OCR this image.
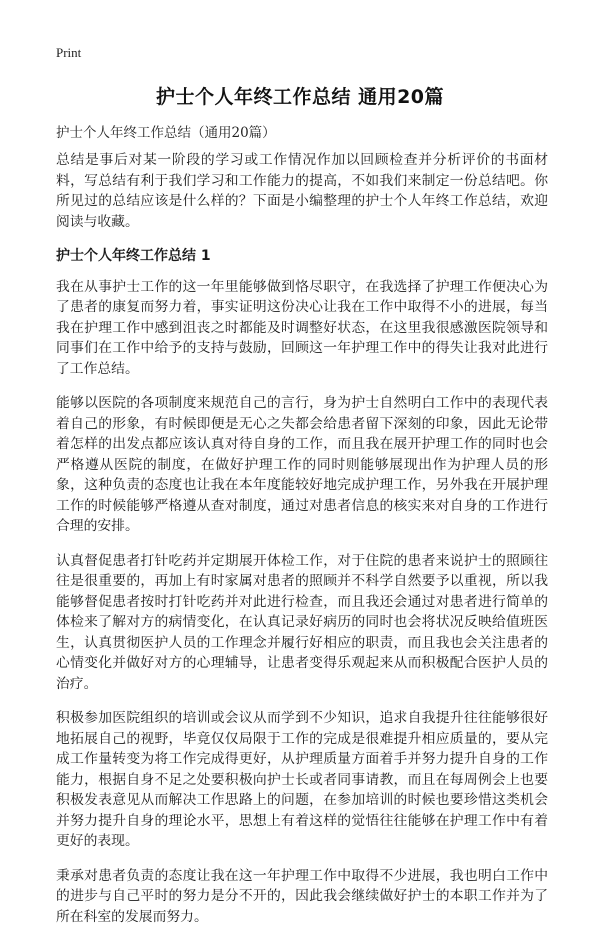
Print
护士个人年终工作总结 通用20篇
护士个人年终工作总结（通用20篇）

总结是事后对某一阶段的学习或工作情况作加以回顾检查并分析评价的书面材料，写总结有利于我们学习和工作能力的提高，不如我们来制定一份总结吧。你所见过的总结应该是什么样的？下面是小编整理的护士个人年终工作总结，欢迎阅读与收藏。

护士个人年终工作总结 1

我在从事护士工作的这一年里能够做到恪尽职守，在我选择了护理工作便决心为了患者的康复而努力着，事实证明这份决心让我在工作中取得不小的进展，每当我在护理工作中感到沮丧之时都能及时调整好状态，在这里我很感激医院领导和同事们在工作中给予的支持与鼓励，回顾这一年护理工作中的得失让我对此进行了工作总结。

能够以医院的各项制度来规范自己的言行，身为护士自然明白工作中的表现代表着自己的形象，有时候即便是无心之失都会给患者留下深刻的印象，因此无论带着怎样的出发点都应该认真对待自身的工作，而且我在展开护理工作的同时也会严格遵从医院的制度，在做好护理工作的同时则能够展现出作为护理人员的形象，这种负责的态度也让我在本年度能较好地完成护理工作，另外我在开展护理工作的时候能够严格遵从查对制度，通过对患者信息的核实来对自身的工作进行合理的安排。

认真督促患者打针吃药并定期展开体检工作，对于住院的患者来说护士的照顾往往是很重要的，再加上有时家属对患者的照顾并不科学自然要予以重视，所以我能够督促患者按时打针吃药并对此进行检查，而且我还会通过对患者进行简单的体检来了解对方的病情变化，在认真记录好病历的同时也会将状况反映给值班医生，认真贯彻医护人员的工作理念并履行好相应的职责，而且我也会关注患者的心情变化并做好对方的心理辅导，让患者变得乐观起来从而积极配合医护人员的治疗。

积极参加医院组织的培训或会议从而学到不少知识，追求自我提升往往能够很好地拓展自己的视野，毕竟仅仅局限于工作的完成是很难提升相应质量的，要从完成工作量转变为将工作完成得更好，从护理质量方面着手并努力提升自身的工作能力，根据自身不足之处要积极向护士长或者同事请教，而且在每周例会上也要积极发表意见从而解决工作思路上的问题，在参加培训的时候也要珍惜这类机会并努力提升自身的理论水平，思想上有着这样的觉悟往往能够在护理工作中有着更好的表现。

秉承对患者负责的态度让我在这一年护理工作中取得不少进展，我也明白工作中的进步与自己平时的努力是分不开的，因此我会继续做好护士的本职工作并为了所在科室的发展而努力。
